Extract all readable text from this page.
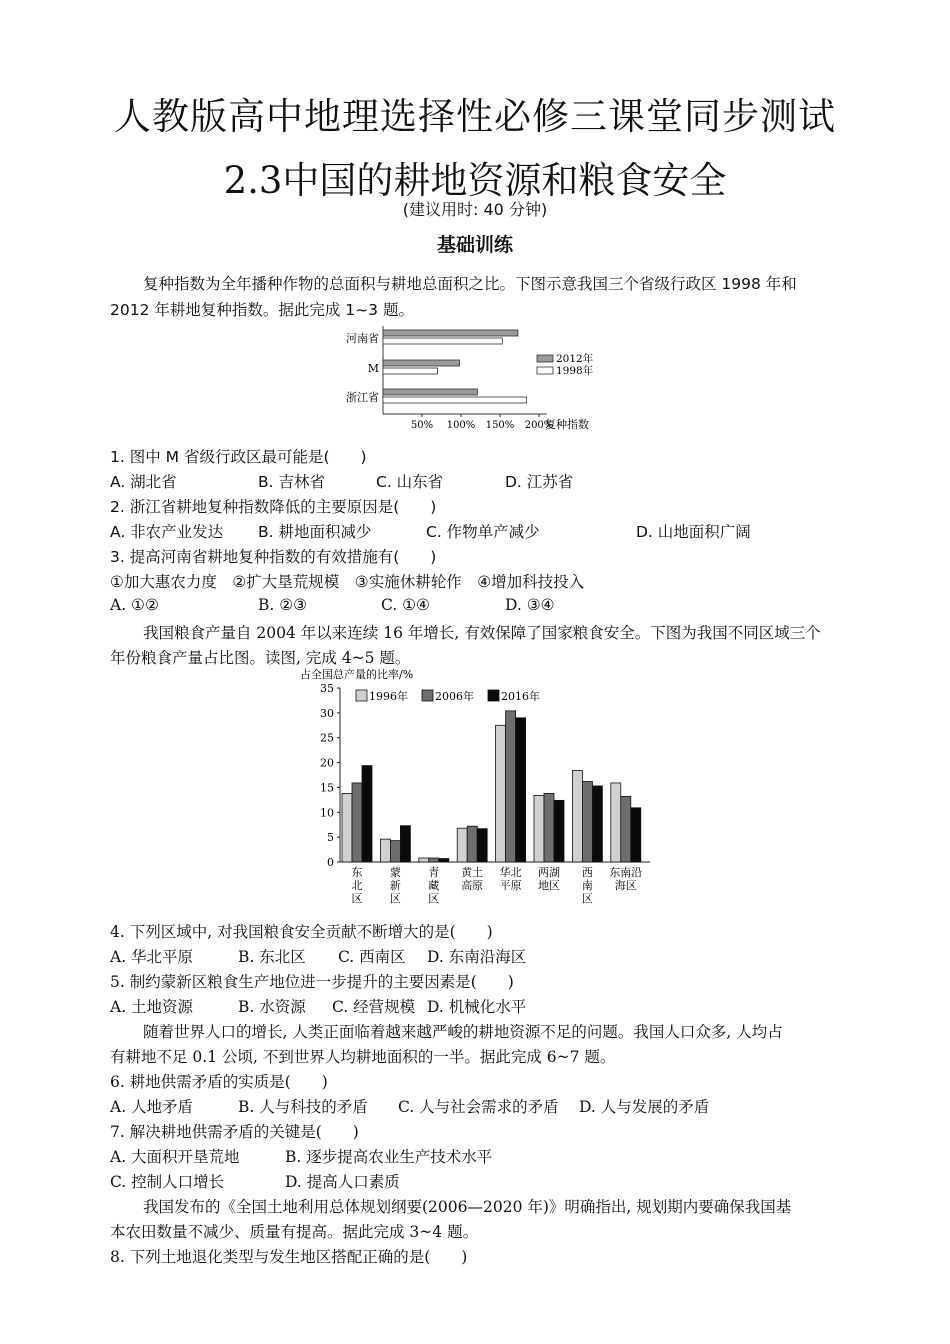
人教版高中地理选择性必修三课堂同步测试
2.3中国的耕地资源和粮食安全
(建议用时: 40 分钟)
基础训练
复种指数为全年播种作物的总面积与耕地总面积之比。下图示意我国三个省级行政区 1998 年和
2012 年耕地复种指数。据此完成 1~3 题。
河南省
M
浙江省
50% 100% 150% 200%
复种指数
2012年
1998年
1. 图中 M 省级行政区最可能是(　　)
A. 湖北省	B. 吉林省	C. 山东省	D. 江苏省
2. 浙江省耕地复种指数降低的主要原因是(　　)
A. 非农产业发达 B. 耕地面积减少	C. 作物单产减少	D. 山地面积广阔
3. 提高河南省耕地复种指数的有效措施有(　　)
①加大惠农力度　②扩大垦荒规模　③实施休耕轮作　④增加科技投入
A. ①②	B. ②③	C. ①④	D. ③④
我国粮食产量自 2004 年以来连续 16 年增长, 有效保障了国家粮食安全。下图为我国不同区域三个
年份粮食产量占比图。读图, 完成 4~5 题。
占全国总产量的比率/%
0
5
10
15
20
25
30
35
东
北
区
蒙
新
区
青
藏
区
黄土
高原
华北
平原
两湖
地区
西
南
区
东南沿
海区
1996年 2006年 2016年
4. 下列区域中, 对我国粮食安全贡献不断增大的是(　　)
A. 华北平原	B. 东北区 C. 西南区 D. 东南沿海区
5. 制约蒙新区粮食生产地位进一步提升的主要因素是(　　)
A. 土地资源	B. 水资源 C. 经营规模 D. 机械化水平
随着世界人口的增长, 人类正面临着越来越严峻的耕地资源不足的问题。我国人口众多, 人均占
有耕地不足 0.1 公顷, 不到世界人均耕地面积的一半。据此完成 6~7 题。
6. 耕地供需矛盾的实质是(　　)
A. 人地矛盾	B. 人与科技的矛盾 C. 人与社会需求的矛盾 D. 人与发展的矛盾
7. 解决耕地供需矛盾的关键是(　　)
A. 大面积开垦荒地	B. 逐步提高农业生产技术水平
C. 控制人口增长	D. 提高人口素质
我国发布的《全国土地利用总体规划纲要(2006—2020 年)》明确指出, 规划期内要确保我国基
本农田数量不减少、质量有提高。据此完成 3~4 题。
8. 下列土地退化类型与发生地区搭配正确的是(　　)
